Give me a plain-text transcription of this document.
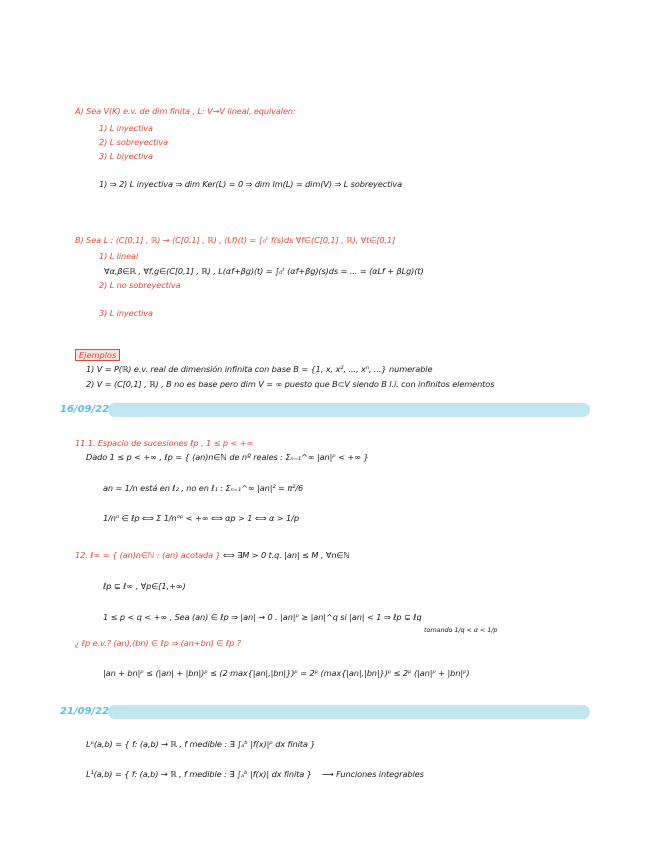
A) Sea V(K) e.v. de dim finita , L: V→V lineal, equivalen:
1) L inyectiva
2) L sobreyectiva
3) L biyectiva
1) ⇒ 2) L inyectiva ⇒ dim Ker(L) = 0 ⇒ dim Im(L) = dim(V) ⇒ L sobreyectiva
B) Sea L : (C[0,1] , ℝ) → (C[0,1] , ℝ) , (Lf)(t) = ∫₀ᵗ f(s)ds ∀f∈(C[0,1] , ℝ), ∀t∈[0,1]
1) L lineal
∀α,β∈ℝ , ∀f,g∈(C[0,1] , ℝ) , L(αf+βg)(t) = ∫₀ᵗ (αf+βg)(s)ds = ... = (αLf + βLg)(t)
2) L no sobreyectiva
3) L inyectiva
Ejemplos
1) V = P(ℝ) e.v. real de dimensión infinita con base B = {1, x, x², ..., xⁿ, ...} numerable
2) V = (C[0,1] , ℝ) , B no es base pero dim V = ∞ puesto que B⊂V siendo B l.i. con infinitos elementos
16/09/22
11.1. Espacio de sucesiones ℓp , 1 ≤ p < +∞
Dado 1 ≤ p < +∞ , ℓp = { (an)n∈ℕ de nº reales : Σₙ₌₁^∞ |an|ᵖ < +∞ }
an = 1/n está en ℓ₂ , no en ℓ₁ : Σₙ₌₁^∞ |an|² = π²/6
1/nᵅ ∈ ℓp ⟺ Σ 1/nᵅᵖ < +∞ ⟺ αp > 1 ⟺ α > 1/p
12. ℓ∞ = { (an)n∈ℕ : (an) acotada } ⟺ ∃M > 0 t.q. |an| ≤ M , ∀n∈ℕ
ℓp ⊊ ℓ∞ , ∀p∈[1,+∞)
1 ≤ p < q < +∞ , Sea (an) ∈ ℓp ⇒ |an| → 0 . |an|ᵖ ≥ |an|^q si |an| < 1 ⇒ ℓp ⊊ ℓq
tomando 1/q < α < 1/p
¿ ℓp e.v.? (an),(bn) ∈ ℓp ⇒ (an+bn) ∈ ℓp ?
|an + bn|ᵖ ≤ (|an| + |bn|)ᵖ ≤ (2·max{|an|,|bn|})ᵖ = 2ᵖ (max{|an|,|bn|})ᵖ ≤ 2ᵖ (|an|ᵖ + |bn|ᵖ)
21/09/22
Lᵖ(a,b) = { f: (a,b) → ℝ , f medible : ∃ ∫ₐᵇ |f(x)|ᵖ dx finita }
L¹(a,b) = { f: (a,b) → ℝ , f medible : ∃ ∫ₐᵇ |f(x)| dx finita } ⟶ Funciones integrables
